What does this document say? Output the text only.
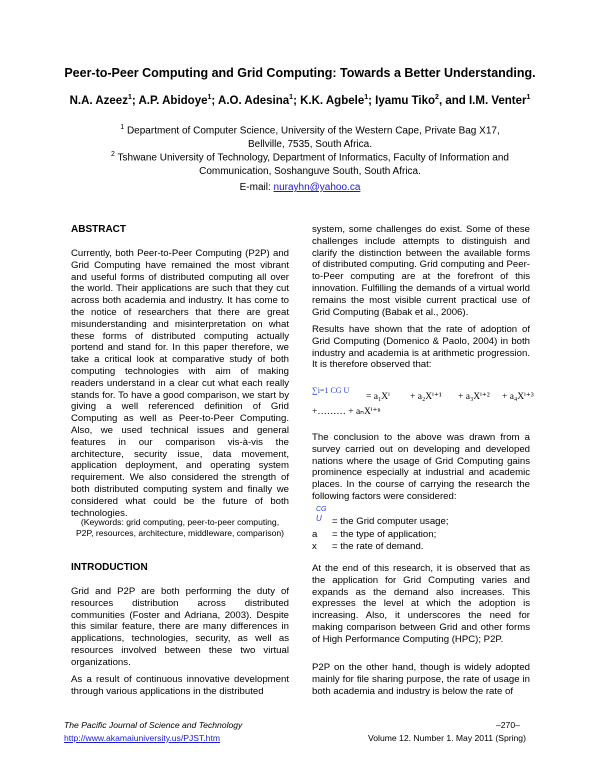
Peer-to-Peer Computing and Grid Computing: Towards a Better Understanding.
N.A. Azeez$^1$; A.P. Abidoye$^1$; A.O. Adesina$^1$; K.K. Agbele$^1$; Iyamu Tiko$^2$, and I.M. Venter$^1$
$^1$ Department of Computer Science, University of the Western Cape, Private Bag X17,
Bellville, 7535, South Africa.
$^2$ Tshwane University of Technology, Department of Informatics, Faculty of Information and
Communication, Soshanguve South, South Africa.
E-mail: nurayhn@yahoo.ca
ABSTRACT
Currently, both Peer-to-Peer Computing (P2P) and Grid Computing have remained the most vibrant and useful forms of distributed computing all over the world. Their applications are such that they cut across both academia and industry. It has come to the notice of researchers that there are great misunderstanding and misinterpretation on what these forms of distributed computing actually portend and stand for. In this paper therefore, we take a critical look at comparative study of both computing technologies with aim of making readers understand in a clear cut what each really stands for. To have a good comparison, we start by giving a well referenced definition of Grid Computing as well as Peer-to-Peer Computing. Also, we used technical issues and general features in our comparison vis-à-vis the architecture, security issue, data movement, application deployment, and operating system requirement. We also considered the strength of both distributed computing system and finally we considered what could be the future of both technologies.
(Keywords: grid computing, peer-to-peer computing, P2P, resources, architecture, middleware, comparison)
INTRODUCTION
Grid and P2P are both performing the duty of resources distribution across distributed communities (Foster and Adriana, 2003). Despite this similar feature, there are many differences in applications, technologies, security, as well as resources involved between these two virtual organizations.
As a result of continuous innovative development through various applications in the distributed
system, some challenges do exist. Some of these challenges include attempts to distinguish and clarify the distinction between the available forms of distributed computing. Grid computing and Peer-to-Peer computing are at the forefront of this innovation. Fulfilling the demands of a virtual world remains the most visible current practical use of Grid Computing (Babak et al., 2006).
Results have shown that the rate of adoption of Grid Computing (Domenico & Paolo, 2004) in both industry and academia is at arithmetic progression. It is therefore observed that:
∑i=1 CG U
= a₁Xⁱ + a₂Xⁱ⁺¹ + a₃Xⁱ⁺² + a₄Xⁱ⁺³
+……… + aₙXⁱ⁺ⁿ
The conclusion to the above was drawn from a survey carried out on developing and developed nations where the usage of Grid Computing gains prominence especially at industrial and academic places. In the course of carrying the research the following factors were considered:
CG
U = the Grid computer usage;
a = the type of application;
x = the rate of demand.
At the end of this research, it is observed that as the application for Grid Computing varies and expands as the demand also increases. This expresses the level at which the adoption is increasing. Also, it underscores the need for making comparison between Grid and other forms of High Performance Computing (HPC); P2P.
P2P on the other hand, though is widely adopted mainly for file sharing purpose, the rate of usage in both academia and industry is below the rate of
The Pacific Journal of Science and Technology	–270–
http://www.akamaiuniversity.us/PJST.htm	Volume 12. Number 1. May 2011 (Spring)
